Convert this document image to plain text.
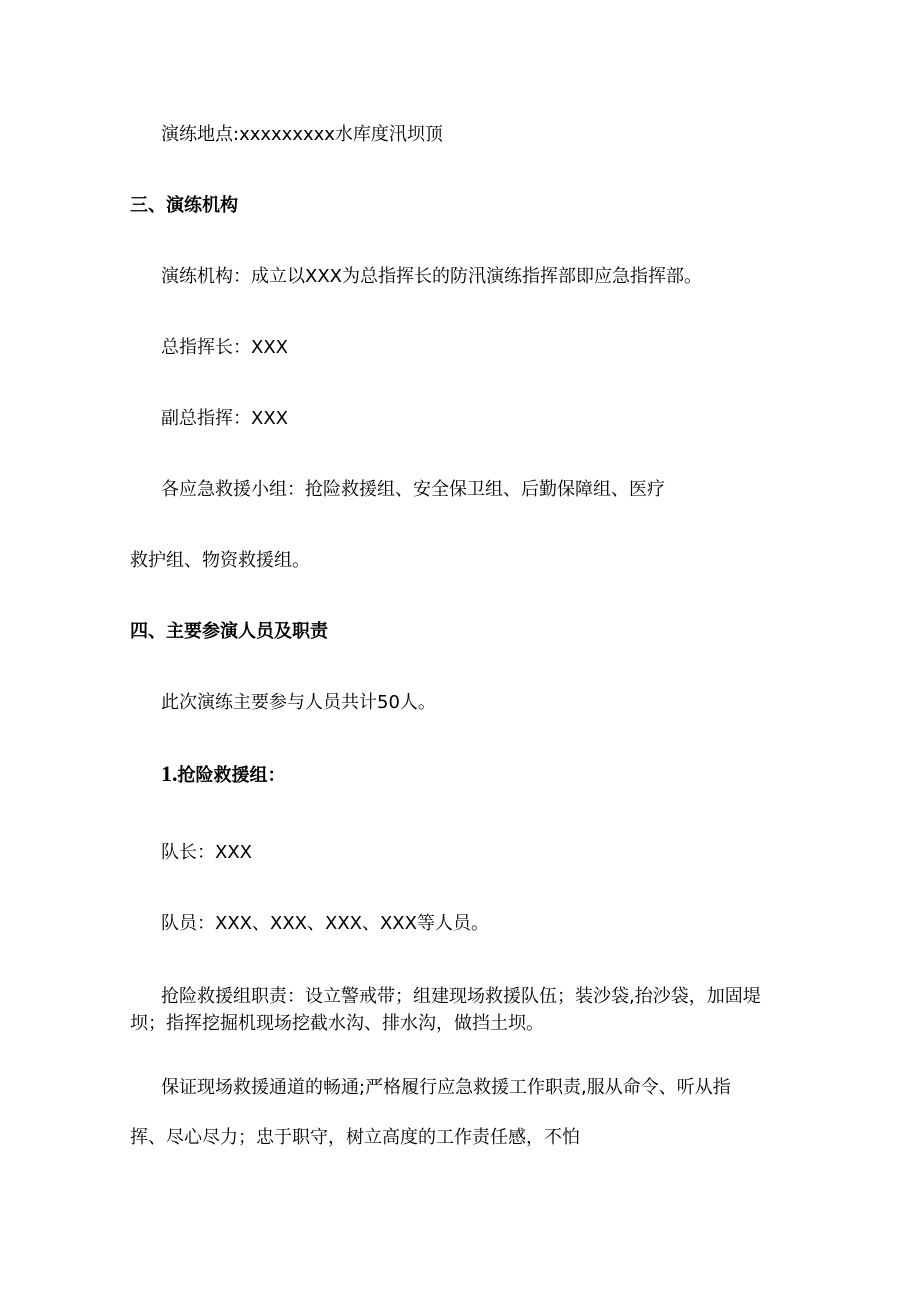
演练地点:xxxxxxxxx水库度汛坝顶
三、演练机构
演练机构：成立以XXX为总指挥长的防汛演练指挥部即应急指挥部。
总指挥长：XXX
副总指挥：XXX
各应急救援小组：抢险救援组、安全保卫组、后勤保障组、医疗
救护组、物资救援组。
四、主要参演人员及职责
此次演练主要参与人员共计50人。
1.抢险救援组：
队长：XXX
队员：XXX、XXX、XXX、XXX等人员。
抢险救援组职责：设立警戒带；组建现场救援队伍；装沙袋,抬沙袋，加固堤
坝；指挥挖掘机现场挖截水沟、排水沟，做挡土坝。
保证现场救援通道的畅通;严格履行应急救援工作职责,服从命令、听从指
挥、尽心尽力；忠于职守，树立高度的工作责任感，不怕
